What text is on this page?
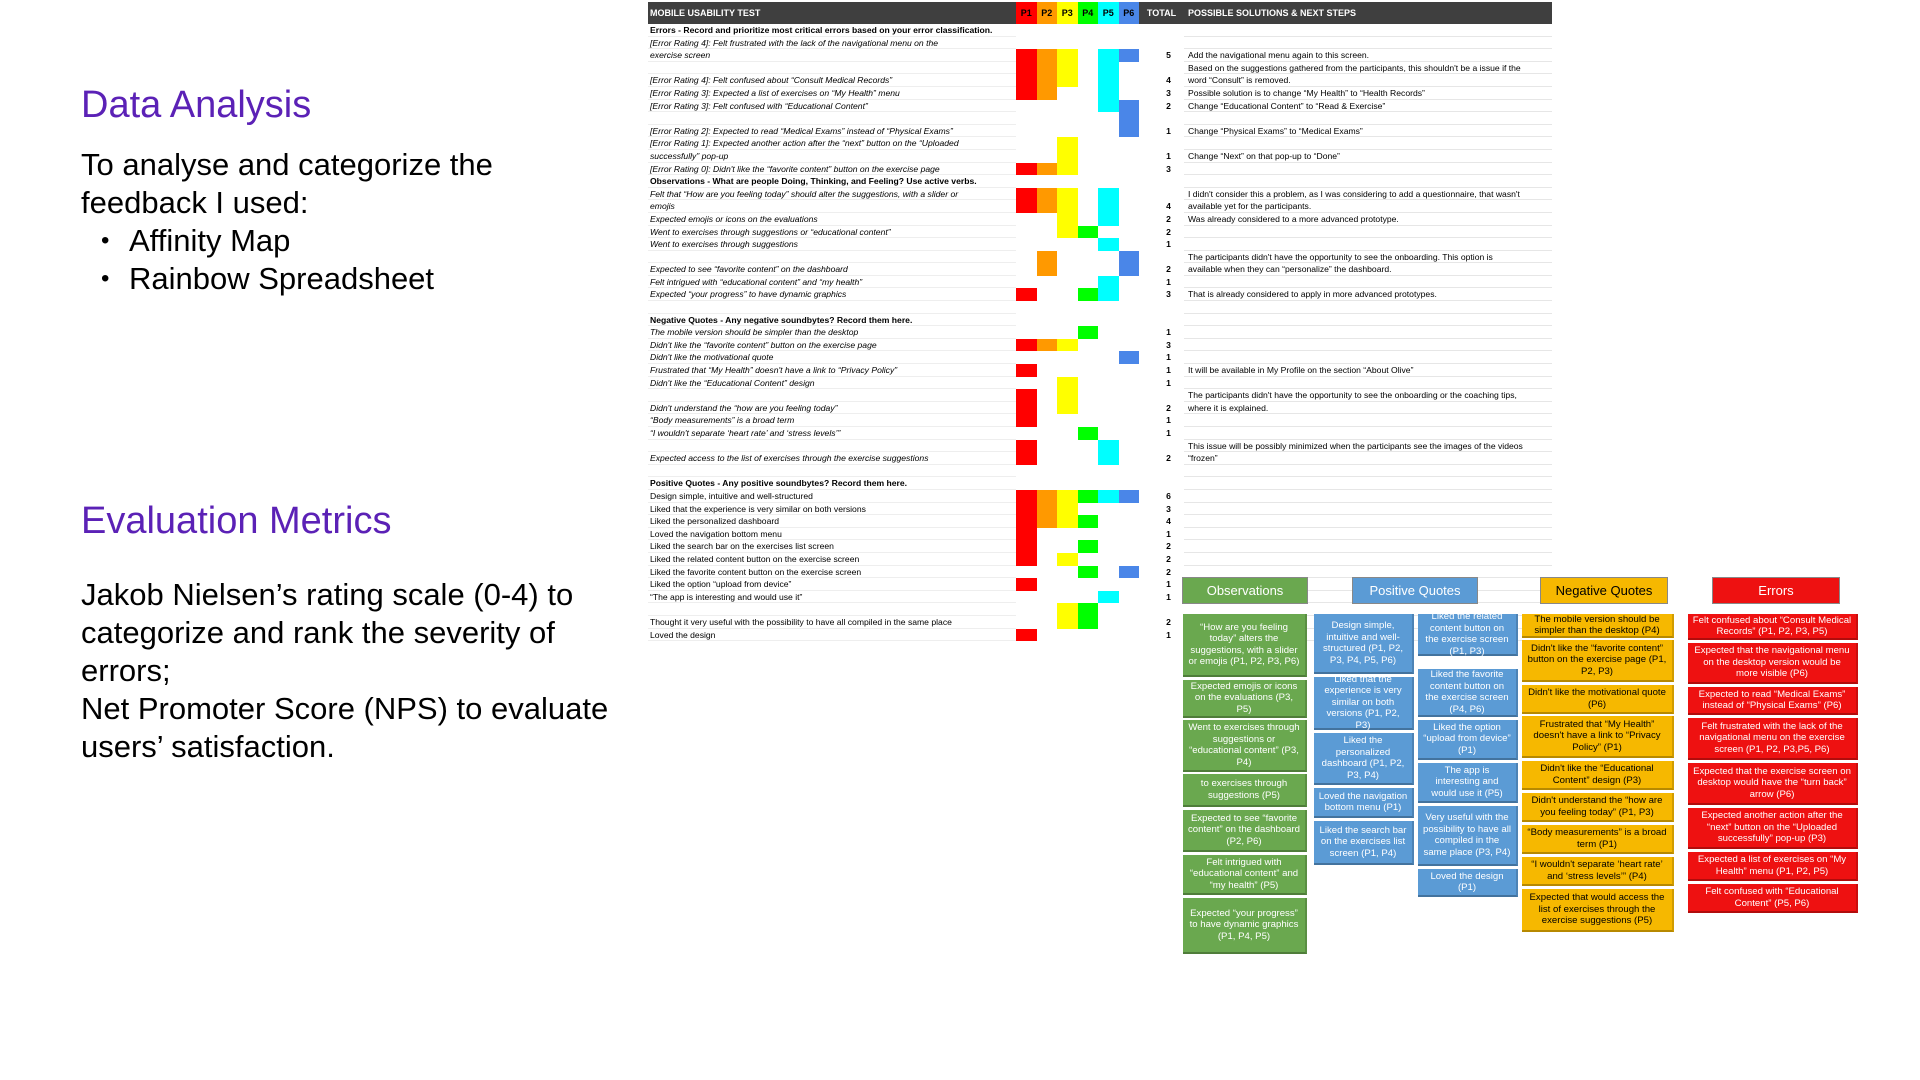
Data Analysis
To analyse and categorize the feedback I used:
• Affinity Map
• Rainbow Spreadsheet
Evaluation Metrics
Jakob Nielsen’s rating scale (0-4) to categorize and rank the severity of errors;
Net Promoter Score (NPS) to evaluate users’ satisfaction.
MOBILE USABILITY TEST	P1	P2	P3	P4	P5	P6	TOTAL	POSSIBLE SOLUTIONS & NEXT STEPS
Errors - Record and prioritize most critical errors based on your error classification.
[Error Rating 4]: Felt frustrated with the lack of the navigational menu on the
exercise screen	5	Add the navigational menu again to this screen.
Based on the suggestions gathered from the participants, this shouldn't be a issue if the
[Error Rating 4]: Felt confused about “Consult Medical Records”	4	word “Consult” is removed.
[Error Rating 3]: Expected a list of exercises on “My Health” menu	3	Possible solution is to change “My Health” to “Health Records”
[Error Rating 3]: Felt confused with “Educational Content”	2	Change “Educational Content” to “Read & Exercise”
[Error Rating 2]: Expected to read “Medical Exams” instead of “Physical Exams”	1	Change “Physical Exams” to “Medical Exams”
[Error Rating 1]: Expected another action after the “next” button on the “Uploaded
successfully” pop-up	1	Change “Next” on that pop-up to “Done”
[Error Rating 0]: Didn't like the “favorite content” button on the exercise page	3
Observations - What are people Doing, Thinking, and Feeling? Use active verbs.
Felt that “How are you feeling today” should alter the suggestions, with a slider or	I didn't consider this a problem, as I was considering to add a questionnaire, that wasn't
emojis	4	available yet for the participants.
Expected emojis or icons on the evaluations	2	Was already considered to a more advanced prototype.
Went to exercises through suggestions or “educational content”	2
Went to exercises through suggestions	1
The participants didn't have the opportunity to see the onboarding. This option is
Expected to see “favorite content” on the dashboard	2	available when they can “personalize” the dashboard.
Felt intrigued with “educational content” and “my health”	1
Expected “your progress” to have dynamic graphics	3	That is already considered to apply in more advanced prototypes.
Negative Quotes - Any negative soundbytes? Record them here.
The mobile version should be simpler than the desktop	1
Didn't like the “favorite content” button on the exercise page	3
Didn't like the motivational quote	1
Frustrated that “My Health” doesn't have a link to “Privacy Policy”	1	It will be available in My Profile on the section “About Olive”
Didn't like the “Educational Content” design	1
The participants didn't have the opportunity to see the onboarding or the coaching tips,
Didn't understand the “how are you feeling today”	2	where it is explained.
“Body measurements” is a broad term	1
“I wouldn't separate ‘heart rate’ and ‘stress levels’”	1
This issue will be possibly minimized when the participants see the images of the videos
Expected access to the list of exercises through the exercise suggestions	2	“frozen”
Positive Quotes - Any positive soundbytes? Record them here.
Design simple, intuitive and well-structured	6
Liked that the experience is very similar on both versions	3
Liked the personalized dashboard	4
Loved the navigation bottom menu	1
Liked the search bar on the exercises list screen	2
Liked the related content button on the exercise screen	2
Liked the favorite content button on the exercise screen	2
Liked the option “upload from device”	1
“The app is interesting and would use it”	1
Thought it very useful with the possibility to have all compiled in the same place	2
Loved the design	1
Observations
“How are you feeling today” alters the suggestions, with a slider or emojis (P1, P2, P3, P6)
Expected emojis or icons on the evaluations (P3, P5)
Went to exercises through suggestions or “educational content” (P3, P4)
to exercises through suggestions (P5)
Expected to see “favorite content” on the dashboard (P2, P6)
Felt intrigued with “educational content” and “my health” (P5)
Expected “your progress” to have dynamic graphics (P1, P4, P5)
Positive Quotes
Design simple, intuitive and well-structured (P1, P2, P3, P4, P5, P6)
Liked that the experience is very similar on both versions (P1, P2, P3)
Liked the personalized dashboard (P1, P2, P3, P4)
Loved the navigation bottom menu (P1)
Liked the search bar on the exercises list screen (P1, P4)
Liked the related content button on the exercise screen (P1, P3)
Liked the favorite content button on the exercise screen (P4, P6)
Liked the option “upload from device” (P1)
The app is interesting and would use it (P5)
Very useful with the possibility to have all compiled in the same place (P3, P4)
Loved the design (P1)
Negative Quotes
The mobile version should be simpler than the desktop (P4)
Didn't like the “favorite content” button on the exercise page (P1, P2, P3)
Didn't like the motivational quote (P6)
Frustrated that “My Health” doesn't have a link to “Privacy Policy” (P1)
Didn't like the “Educational Content” design (P3)
Didn't understand the “how are you feeling today” (P1, P3)
“Body measurements” is a broad term (P1)
“I wouldn't separate ‘heart rate’ and ‘stress levels’” (P4)
Expected that would access the list of exercises through the exercise suggestions (P5)
Errors
Felt confused about “Consult Medical Records” (P1, P2, P3, P5)
Expected that the navigational menu on the desktop version would be more visible (P6)
Expected to read “Medical Exams” instead of “Physical Exams” (P6)
Felt frustrated with the lack of the navigational menu on the exercise screen (P1, P2, P3,P5, P6)
Expected that the exercise screen on desktop would have the “turn back” arrow (P6)
Expected another action after the “next” button on the “Uploaded successfully” pop-up (P3)
Expected a list of exercises on “My Health” menu (P1, P2, P5)
Felt confused with “Educational Content” (P5, P6)
